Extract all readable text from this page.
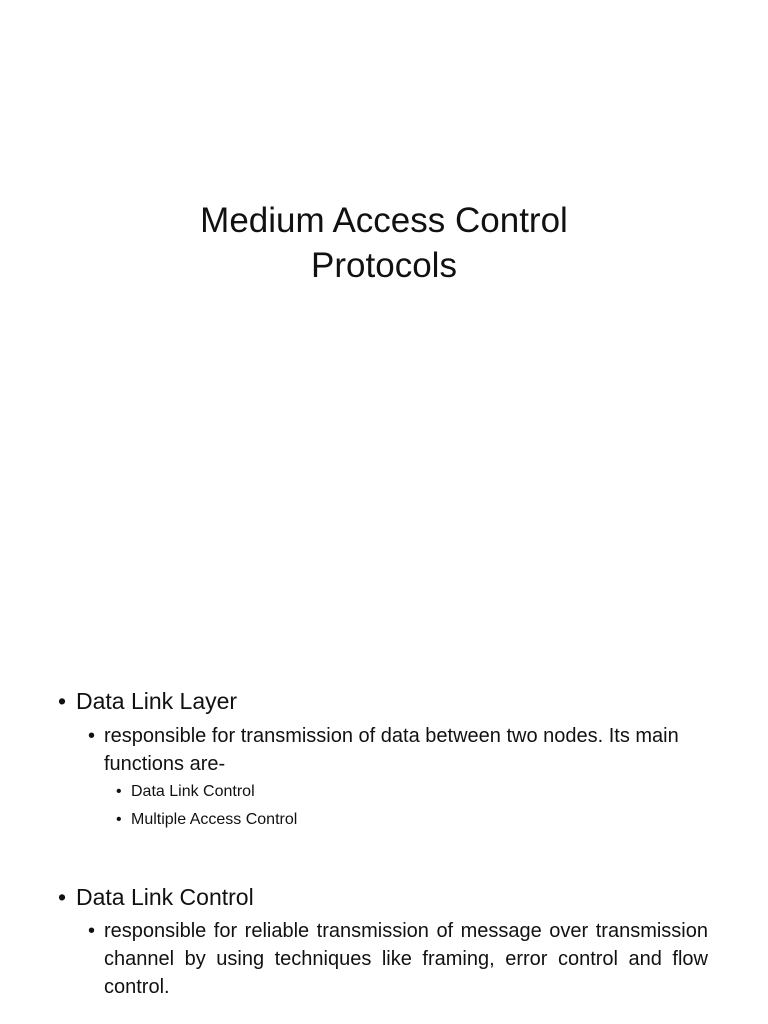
Medium Access Control
Protocols
• Data Link Layer
• responsible for transmission of data between two nodes. Its main functions are-
• Data Link Control
• Multiple Access Control
• Data Link Control
• responsible for reliable transmission of message over transmission channel by using techniques like framing, error control and flow control.
